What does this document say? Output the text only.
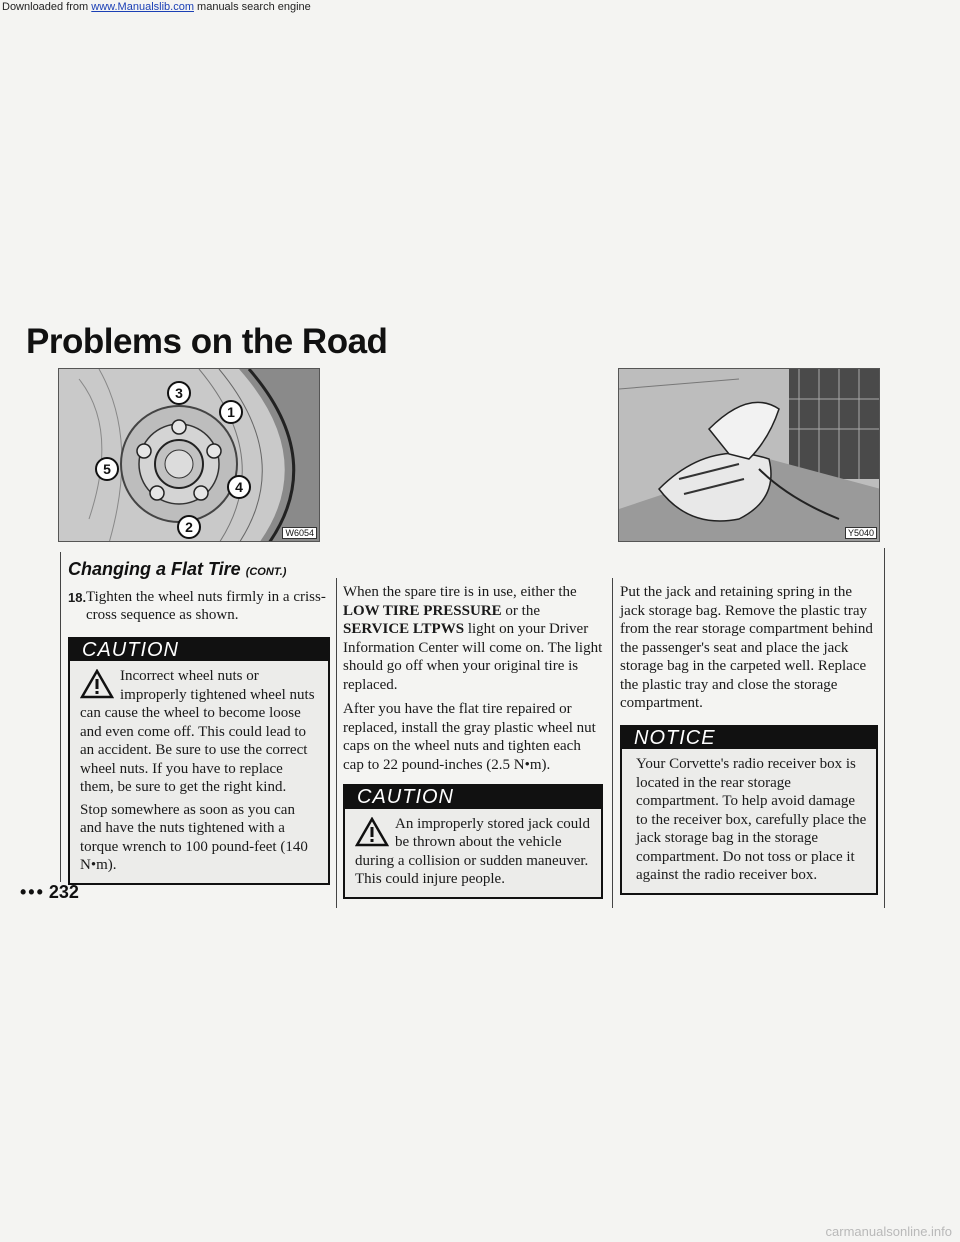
Downloaded from www.Manualslib.com manuals search engine
Problems on the Road
3
1
4
2
5
W6054	Y5040
Changing a Flat Tire (CONT.)
18. Tighten the wheel nuts firmly in a criss-cross sequence as shown.
CAUTION

Incorrect wheel nuts or improperly tightened wheel nuts can cause the wheel to become loose and even come off. This could lead to an accident. Be sure to use the correct wheel nuts. If you have to replace them, be sure to get the right kind.

Stop somewhere as soon as you can and have the nuts tightened with a torque wrench to 100 pound-feet (140 N•m).

When the spare tire is in use, either the LOW TIRE PRESSURE or the SERVICE LTPWS light on your Driver Information Center will come on. The light should go off when your original tire is replaced.

After you have the flat tire repaired or replaced, install the gray plastic wheel nut caps on the wheel nuts and tighten each cap to 22 pound-inches (2.5 N•m).

CAUTION

An improperly stored jack could be thrown about the vehicle during a collision or sudden maneuver. This could injure people.

Put the jack and retaining spring in the jack storage bag. Remove the plastic tray from the rear storage compartment behind the passenger's seat and place the jack storage bag in the carpeted well. Replace the plastic tray and close the storage compartment.

NOTICE

Your Corvette's radio receiver box is located in the rear storage compartment. To help avoid damage to the receiver box, carefully place the jack storage bag in the storage compartment. Do not toss or place it against the radio receiver box.

••• 232
carmanualsonline.info
